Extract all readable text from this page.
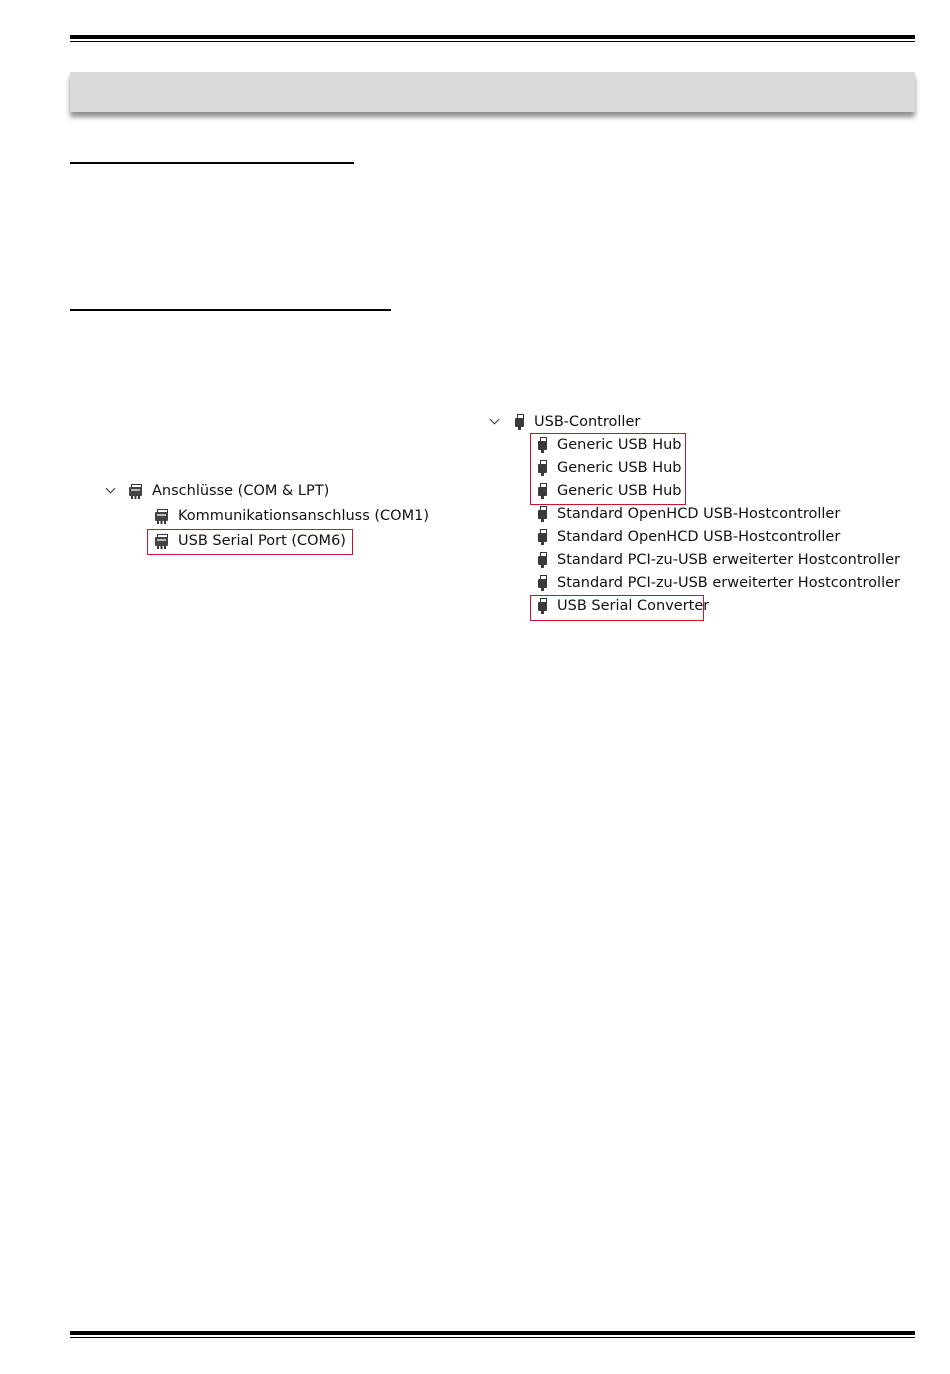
Anschlüsse (COM & LPT)
Kommunikationsanschluss (COM1)
USB Serial Port (COM6)
USB-Controller
Generic USB Hub
Generic USB Hub
Generic USB Hub
Standard OpenHCD USB-Hostcontroller
Standard OpenHCD USB-Hostcontroller
Standard PCI-zu-USB erweiterter Hostcontroller
Standard PCI-zu-USB erweiterter Hostcontroller
USB Serial Converter
